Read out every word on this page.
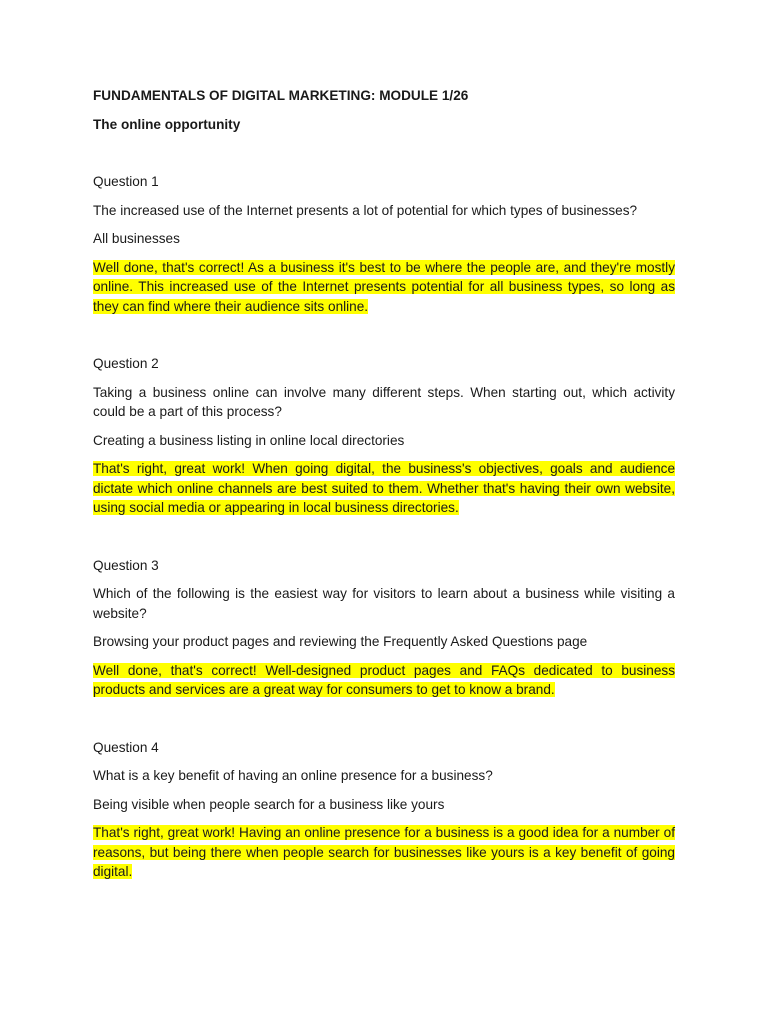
FUNDAMENTALS OF DIGITAL MARKETING: MODULE 1/26

The online opportunity

Question 1

The increased use of the Internet presents a lot of potential for which types of businesses?

All businesses

Well done, that's correct! As a business it's best to be where the people are, and they're mostly online. This increased use of the Internet presents potential for all business types, so long as they can find where their audience sits online.

Question 2

Taking a business online can involve many different steps. When starting out, which activity could be a part of this process?

Creating a business listing in online local directories

That's right, great work! When going digital, the business's objectives, goals and audience dictate which online channels are best suited to them. Whether that's having their own website, using social media or appearing in local business directories.

Question 3

Which of the following is the easiest way for visitors to learn about a business while visiting a website?

Browsing your product pages and reviewing the Frequently Asked Questions page

Well done, that's correct! Well-designed product pages and FAQs dedicated to business products and services are a great way for consumers to get to know a brand.

Question 4

What is a key benefit of having an online presence for a business?

Being visible when people search for a business like yours

That's right, great work! Having an online presence for a business is a good idea for a number of reasons, but being there when people search for businesses like yours is a key benefit of going digital.
